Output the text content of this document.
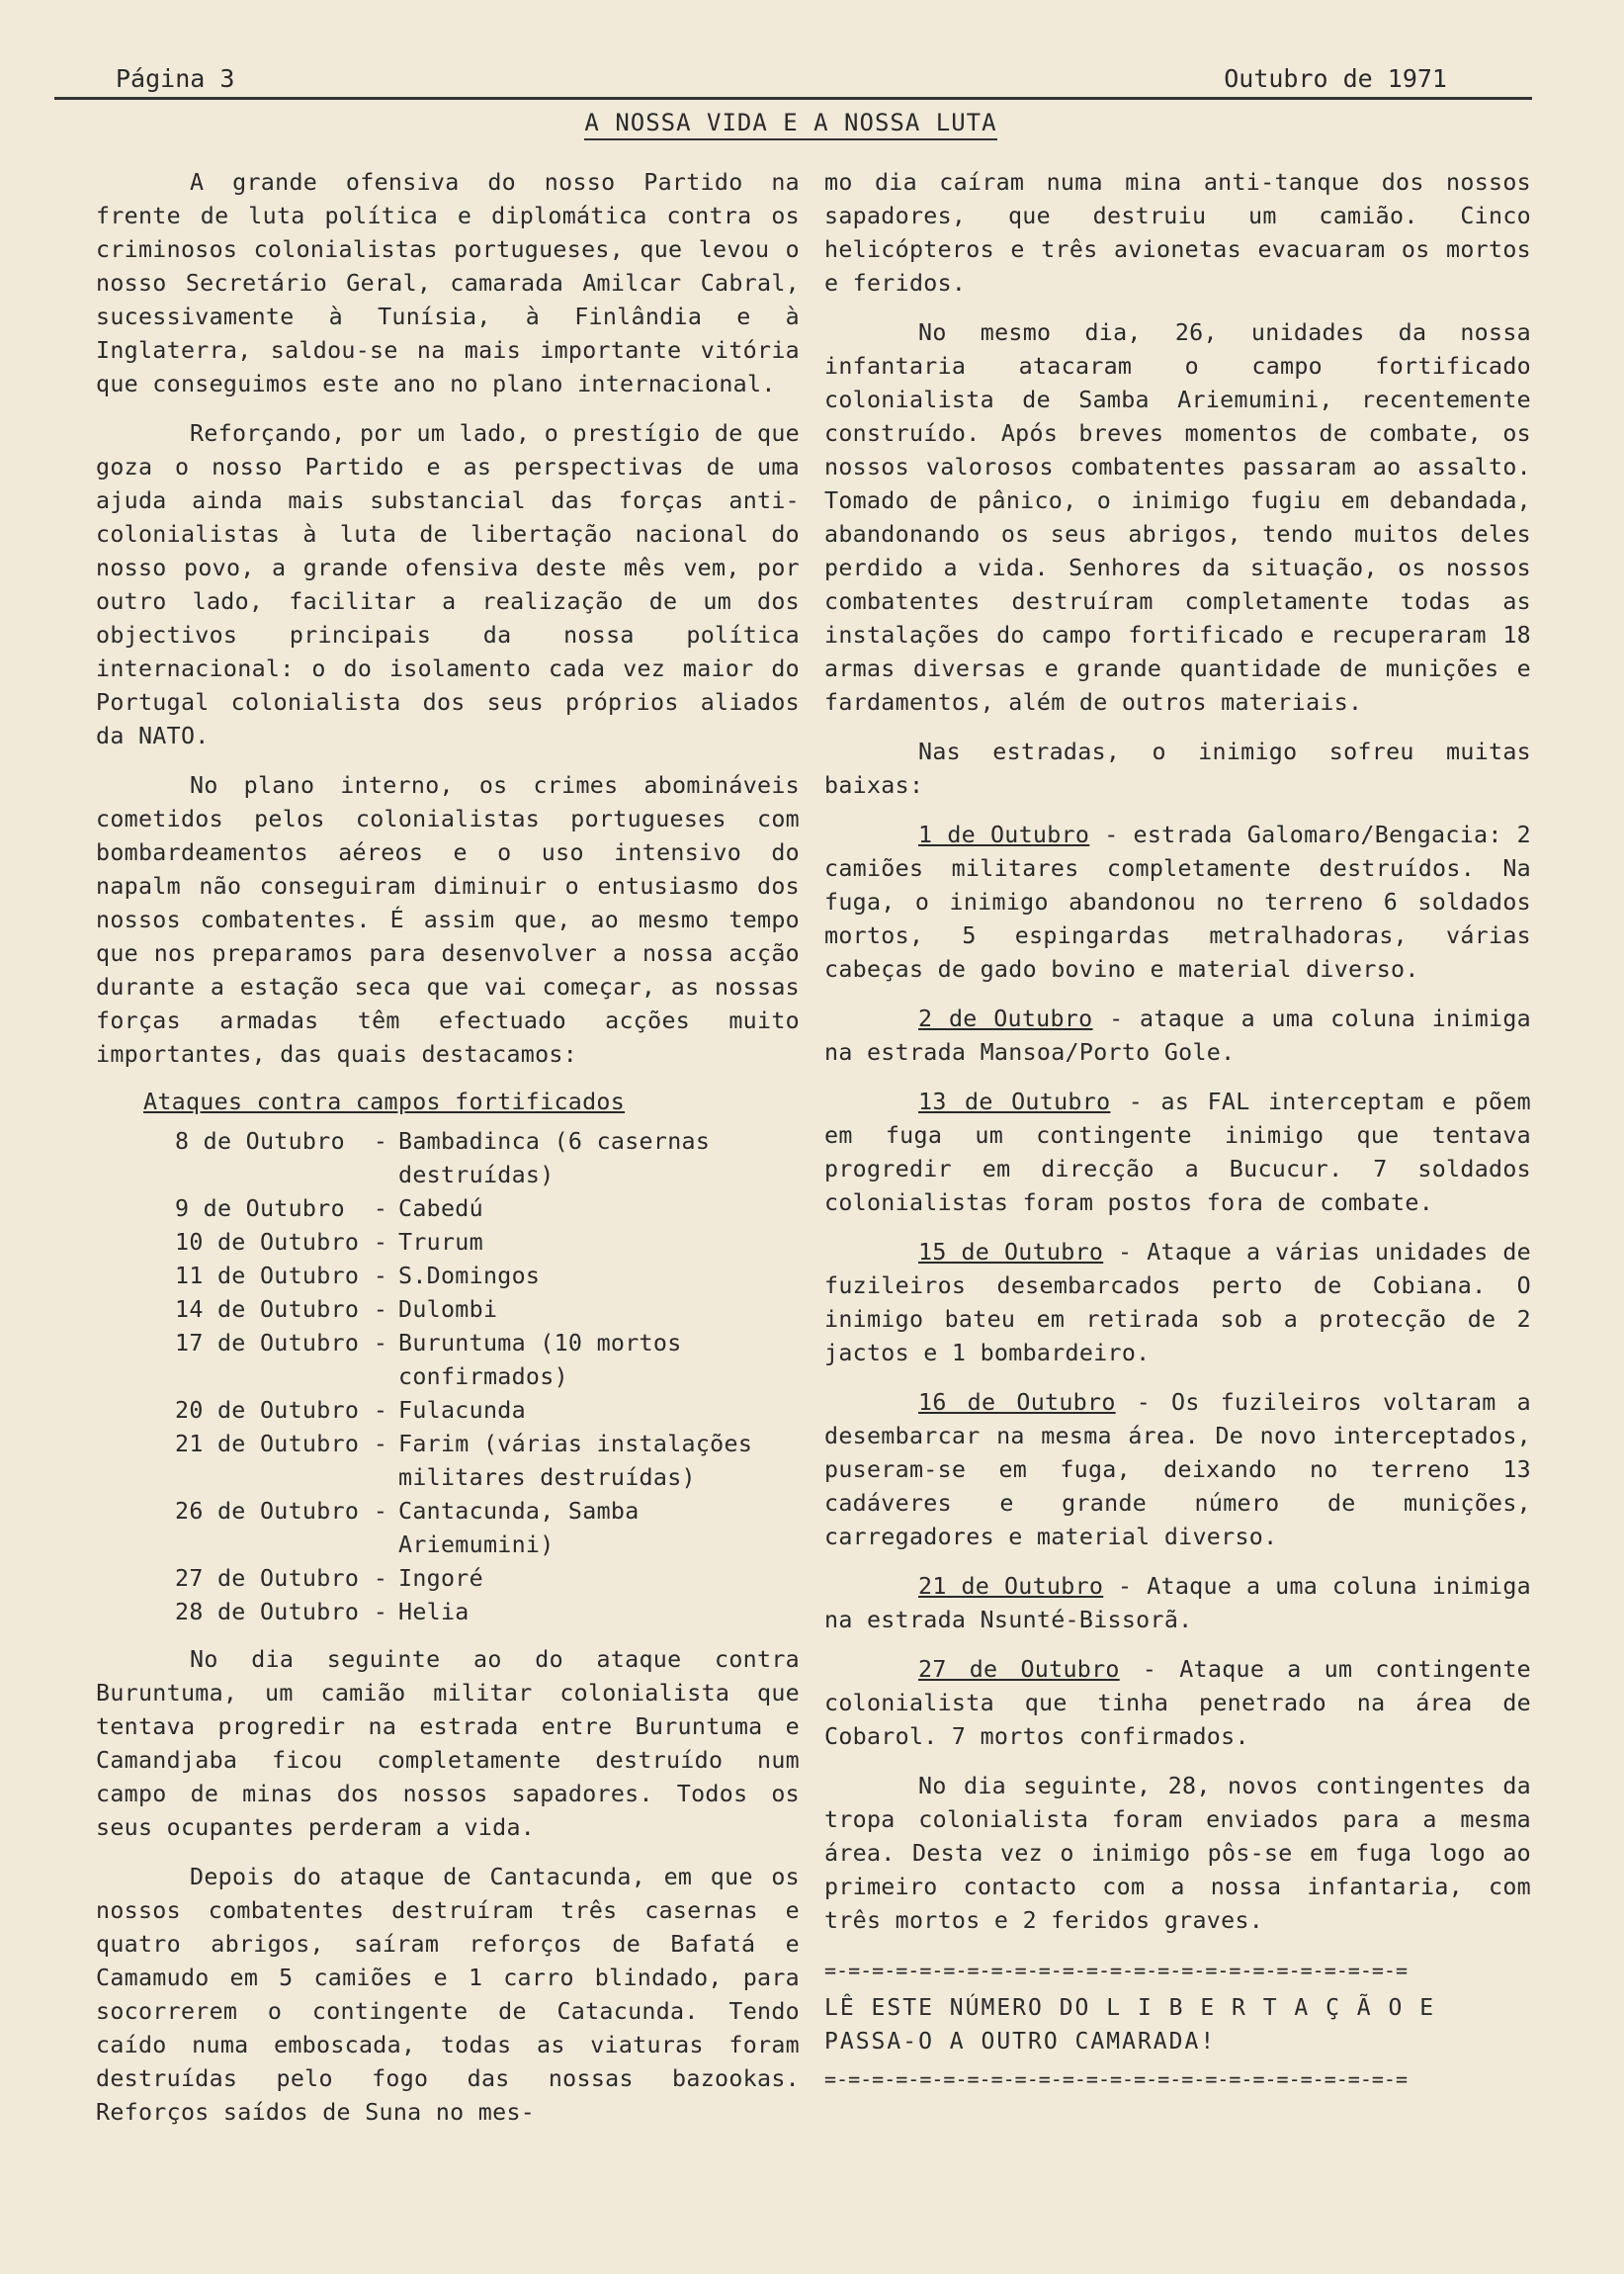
Página 3	Outubro de 1971
A NOSSA VIDA E A NOSSA LUTA

A grande ofensiva do nosso Partido na frente de luta política e diplomática contra os criminosos colonialistas portugueses, que levou o nosso Secretário Geral, camarada Amilcar Cabral, sucessivamente à Tunísia, à Finlândia e à Inglaterra, saldou-se na mais importante vitória que conseguimos este ano no plano internacional.

Reforçando, por um lado, o prestígio de que goza o nosso Partido e as perspectivas de uma ajuda ainda mais substancial das forças anti-colonialistas à luta de libertação nacional do nosso povo, a grande ofensiva deste mês vem, por outro lado, facilitar a realização de um dos objectivos principais da nossa política internacional: o do isolamento cada vez maior do Portugal colonialista dos seus próprios aliados da NATO.

No plano interno, os crimes abomináveis cometidos pelos colonialistas portugueses com bombardeamentos aéreos e o uso intensivo do napalm não conseguiram diminuir o entusiasmo dos nossos combatentes. É assim que, ao mesmo tempo que nos preparamos para desenvolver a nossa acção durante a estação seca que vai começar, as nossas forças armadas têm efectuado acções muito importantes, das quais destacamos:

Ataques contra campos fortificados
8 de Outubro	-	Bambadinca (6 casernas destruídas)
9 de Outubro	-	Cabedú
10 de Outubro	-	Trurum
11 de Outubro	-	S.Domingos
14 de Outubro	-	Dulombi
17 de Outubro	-	Buruntuma (10 mortos confirmados)
20 de Outubro	-	Fulacunda
21 de Outubro	-	Farim (várias instalações militares destruídas)
26 de Outubro	-	Cantacunda, Samba Ariemumini)
27 de Outubro	-	Ingoré
28 de Outubro	-	Helia

No dia seguinte ao do ataque contra Buruntuma, um camião militar colonialista que tentava progredir na estrada entre Buruntuma e Camandjaba ficou completamente destruído num campo de minas dos nossos sapadores. Todos os seus ocupantes perderam a vida.

Depois do ataque de Cantacunda, em que os nossos combatentes destruíram três casernas e quatro abrigos, saíram reforços de Bafatá e Camamudo em 5 camiões e 1 carro blindado, para socorrerem o contingente de Catacunda. Tendo caído numa emboscada, todas as viaturas foram destruídas pelo fogo das nossas bazookas. Reforços saídos de Suna no mes-

mo dia caíram numa mina anti-tanque dos nossos sapadores, que destruiu um camião. Cinco helicópteros e três avionetas evacuaram os mortos e feridos.

No mesmo dia, 26, unidades da nossa infantaria atacaram o campo fortificado colonialista de Samba Ariemumini, recentemente construído. Após breves momentos de combate, os nossos valorosos combatentes passaram ao assalto. Tomado de pânico, o inimigo fugiu em debandada, abandonando os seus abrigos, tendo muitos deles perdido a vida. Senhores da situação, os nossos combatentes destruíram completamente todas as instalações do campo fortificado e recuperaram 18 armas diversas e grande quantidade de munições e fardamentos, além de outros materiais.

Nas estradas, o inimigo sofreu muitas baixas:

1 de Outubro - estrada Galomaro/Bengacia: 2 camiões militares completamente destruídos. Na fuga, o inimigo abandonou no terreno 6 soldados mortos, 5 espingardas metralhadoras, várias cabeças de gado bovino e material diverso.

2 de Outubro - ataque a uma coluna inimiga na estrada Mansoa/Porto Gole.

13 de Outubro - as FAL interceptam e põem em fuga um contingente inimigo que tentava progredir em direcção a Bucucur. 7 soldados colonialistas foram postos fora de combate.

15 de Outubro - Ataque a várias unidades de fuzileiros desembarcados perto de Cobiana. O inimigo bateu em retirada sob a protecção de 2 jactos e 1 bombardeiro.

16 de Outubro - Os fuzileiros voltaram a desembarcar na mesma área. De novo interceptados, puseram-se em fuga, deixando no terreno 13 cadáveres e grande número de munições, carregadores e material diverso.

21 de Outubro - Ataque a uma coluna inimiga na estrada Nsunté-Bissorã.

27 de Outubro - Ataque a um contingente colonialista que tinha penetrado na área de Cobarol. 7 mortos confirmados.

No dia seguinte, 28, novos contingentes da tropa colonialista foram enviados para a mesma área. Desta vez o inimigo pôs-se em fuga logo ao primeiro contacto com a nossa infantaria, com três mortos e 2 feridos graves.

=-=-=-=-=-=-=-=-=-=-=-=-=-=-=-=-=-=-=-=-=-=-=-=-=
LÊ ESTE NÚMERO DO L I B E R T A Ç Ã O E
PASSA-O A OUTRO CAMARADA!
=-=-=-=-=-=-=-=-=-=-=-=-=-=-=-=-=-=-=-=-=-=-=-=-=
